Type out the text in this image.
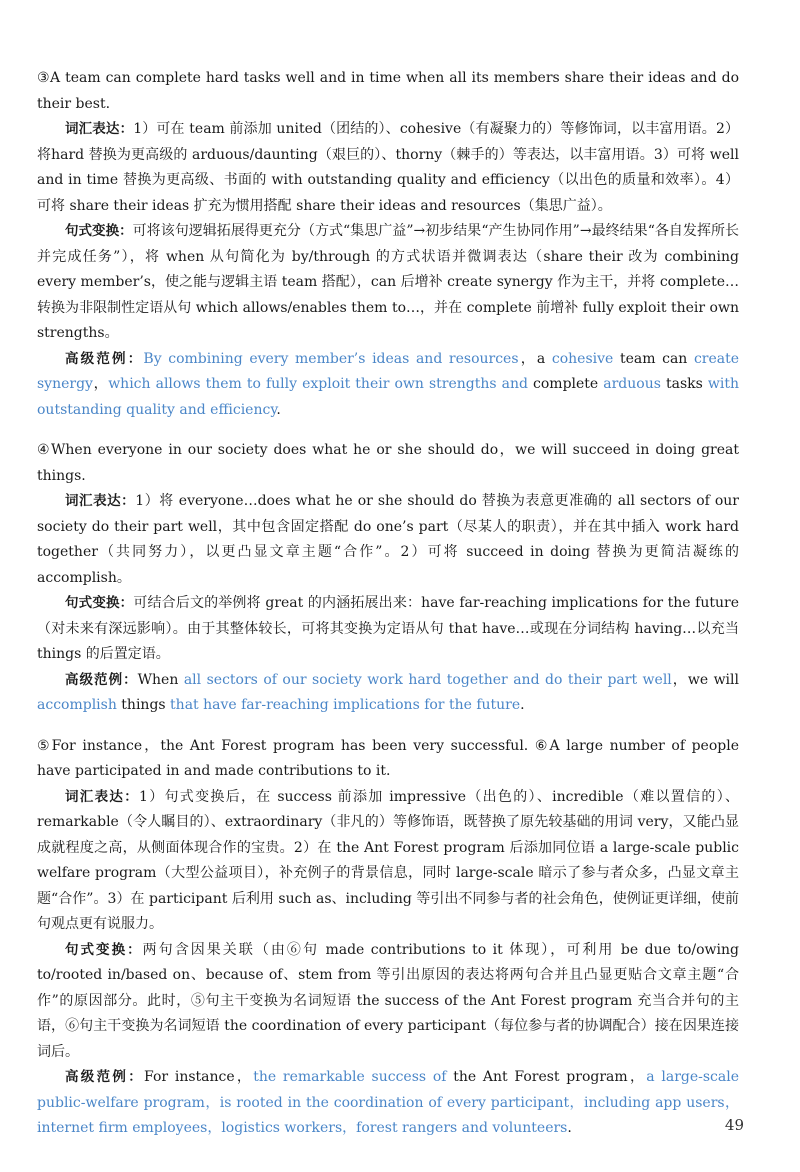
③A team can complete hard tasks well and in time when all its members share their ideas and do their best.

词汇表达：1）可在 team 前添加 united（团结的）、cohesive（有凝聚力的）等修饰词，以丰富用语。2）将hard 替换为更高级的 arduous/daunting（艰巨的）、thorny（棘手的）等表达，以丰富用语。3）可将 well and in time 替换为更高级、书面的 with outstanding quality and efficiency（以出色的质量和效率）。4）可将 share their ideas 扩充为惯用搭配 share their ideas and resources（集思广益）。

句式变换：可将该句逻辑拓展得更充分（方式“集思广益”→初步结果“产生协同作用”→最终结果“各自发挥所长并完成任务”），将 when 从句简化为 by/through 的方式状语并微调表达（share their 改为 combining every member’s，使之能与逻辑主语 team 搭配），can 后增补 create synergy 作为主干，并将 complete…转换为非限制性定语从句 which allows/enables them to…，并在 complete 前增补 fully exploit their own strengths。

高级范例：By combining every member’s ideas and resources，a cohesive team can create synergy，which allows them to fully exploit their own strengths and complete arduous tasks with outstanding quality and efficiency.

④When everyone in our society does what he or she should do，we will succeed in doing great things.

词汇表达：1）将 everyone…does what he or she should do 替换为表意更准确的 all sectors of our society do their part well，其中包含固定搭配 do one’s part（尽某人的职责），并在其中插入 work hard together（共同努力），以更凸显文章主题“合作”。2）可将 succeed in doing 替换为更简洁凝练的 accomplish。

句式变换：可结合后文的举例将 great 的内涵拓展出来：have far-reaching implications for the future（对未来有深远影响）。由于其整体较长，可将其变换为定语从句 that have…或现在分词结构 having…以充当 things 的后置定语。

高级范例：When all sectors of our society work hard together and do their part well，we will accomplish things that have far-reaching implications for the future.

⑤For instance，the Ant Forest program has been very successful. ⑥A large number of people have participated in and made contributions to it.

词汇表达：1）句式变换后，在 success 前添加 impressive（出色的）、incredible（难以置信的）、remarkable（令人瞩目的）、extraordinary（非凡的）等修饰语，既替换了原先较基础的用词 very，又能凸显成就程度之高，从侧面体现合作的宝贵。2）在 the Ant Forest program 后添加同位语 a large-scale public welfare program（大型公益项目），补充例子的背景信息，同时 large-scale 暗示了参与者众多，凸显文章主题“合作”。3）在 participant 后利用 such as、including 等引出不同参与者的社会角色，使例证更详细，使前句观点更有说服力。

句式变换：两句含因果关联（由⑥句 made contributions to it 体现），可利用 be due to/owing to/rooted in/based on、because of、stem from 等引出原因的表达将两句合并且凸显更贴合文章主题“合作”的原因部分。此时，⑤句主干变换为名词短语 the success of the Ant Forest program 充当合并句的主语，⑥句主干变换为名词短语 the coordination of every participant（每位参与者的协调配合）接在因果连接词后。

高级范例：For instance，the remarkable success of the Ant Forest program，a large-scale public-welfare program，is rooted in the coordination of every participant，including app users，internet firm employees，logistics workers，forest rangers and volunteers.	49
